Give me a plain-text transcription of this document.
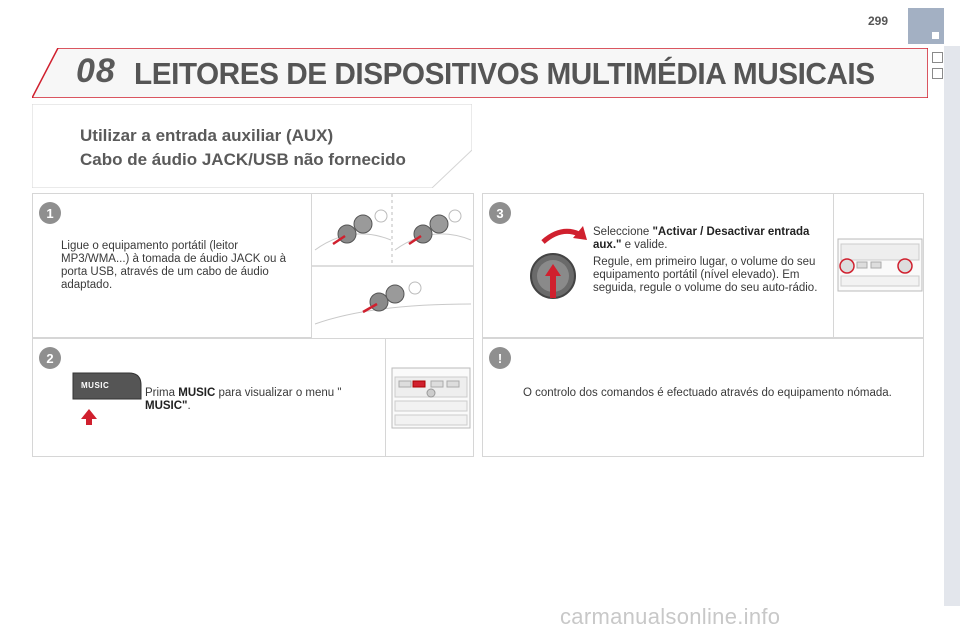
299
08 LEITORES DE DISPOSITIVOS MULTIMÉDIA MUSICAIS
Utilizar a entrada auxiliar (AUX)
Cabo de áudio JACK/USB não fornecido
1
Ligue o equipamento portátil (leitor MP3/WMA...) à tomada de áudio JACK ou à porta USB, através de um cabo de áudio adaptado.
2
MUSIC
Prima MUSIC para visualizar o menu " MUSIC".
3
Seleccione "Activar / Desactivar entrada aux." e valide.
Regule, em primeiro lugar, o volume do seu equipamento portátil (nível elevado). Em seguida, regule o volume do seu auto-rádio.
!
O controlo dos comandos é efectuado através do equipamento nómada.
carmanualsonline.info
